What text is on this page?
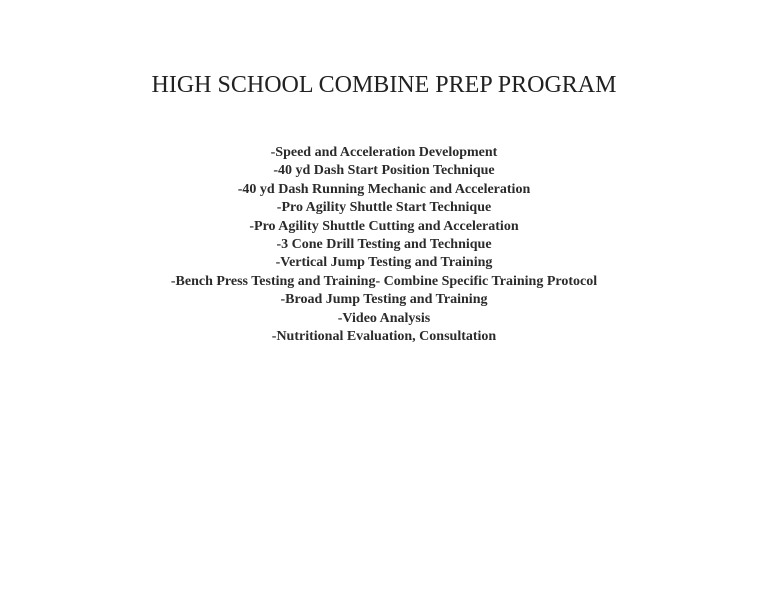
HIGH SCHOOL COMBINE PREP PROGRAM
-Speed and Acceleration Development
-40 yd Dash Start Position Technique
-40 yd Dash Running Mechanic and Acceleration
-Pro Agility Shuttle Start Technique
-Pro Agility Shuttle Cutting and Acceleration
-3 Cone Drill Testing and Technique
-Vertical Jump Testing and Training
-Bench Press Testing and Training- Combine Specific Training Protocol
-Broad Jump Testing and Training
-Video Analysis
-Nutritional Evaluation, Consultation
